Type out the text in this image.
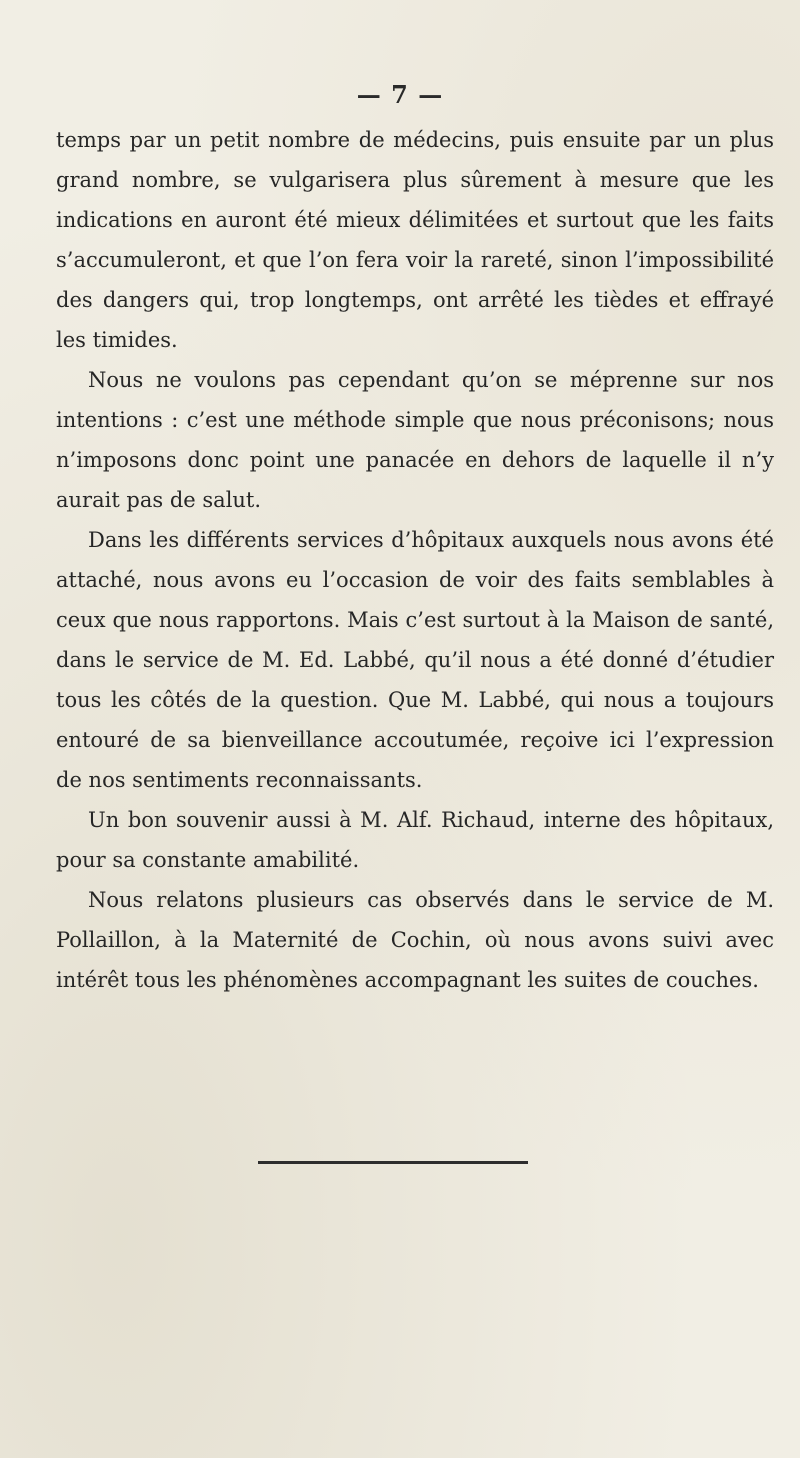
— 7 —

temps par un petit nombre de médecins, puis ensuite par un plus grand nombre, se vulgarisera plus sûrement à mesure que les indications en auront été mieux délimitées et surtout que les faits s’accumuleront, et que l’on fera voir la rareté, sinon l’impossibilité des dangers qui, trop longtemps, ont arrêté les tièdes et effrayé les timides.

Nous ne voulons pas cependant qu’on se méprenne sur nos intentions : c’est une méthode simple que nous préconisons; nous n’imposons donc point une panacée en dehors de laquelle il n’y aurait pas de salut.

Dans les différents services d’hôpitaux auxquels nous avons été attaché, nous avons eu l’occasion de voir des faits semblables à ceux que nous rapportons. Mais c’est surtout à la Maison de santé, dans le service de M. Ed. Labbé, qu’il nous a été donné d’étudier tous les côtés de la question. Que M. Labbé, qui nous a toujours entouré de sa bienveillance accoutumée, reçoive ici l’expression de nos sentiments reconnaissants.

Un bon souvenir aussi à M. Alf. Richaud, interne des hôpitaux, pour sa constante amabilité.

Nous relatons plusieurs cas observés dans le service de M. Pollaillon, à la Maternité de Cochin, où nous avons suivi avec intérêt tous les phénomènes accompagnant les suites de couches.
